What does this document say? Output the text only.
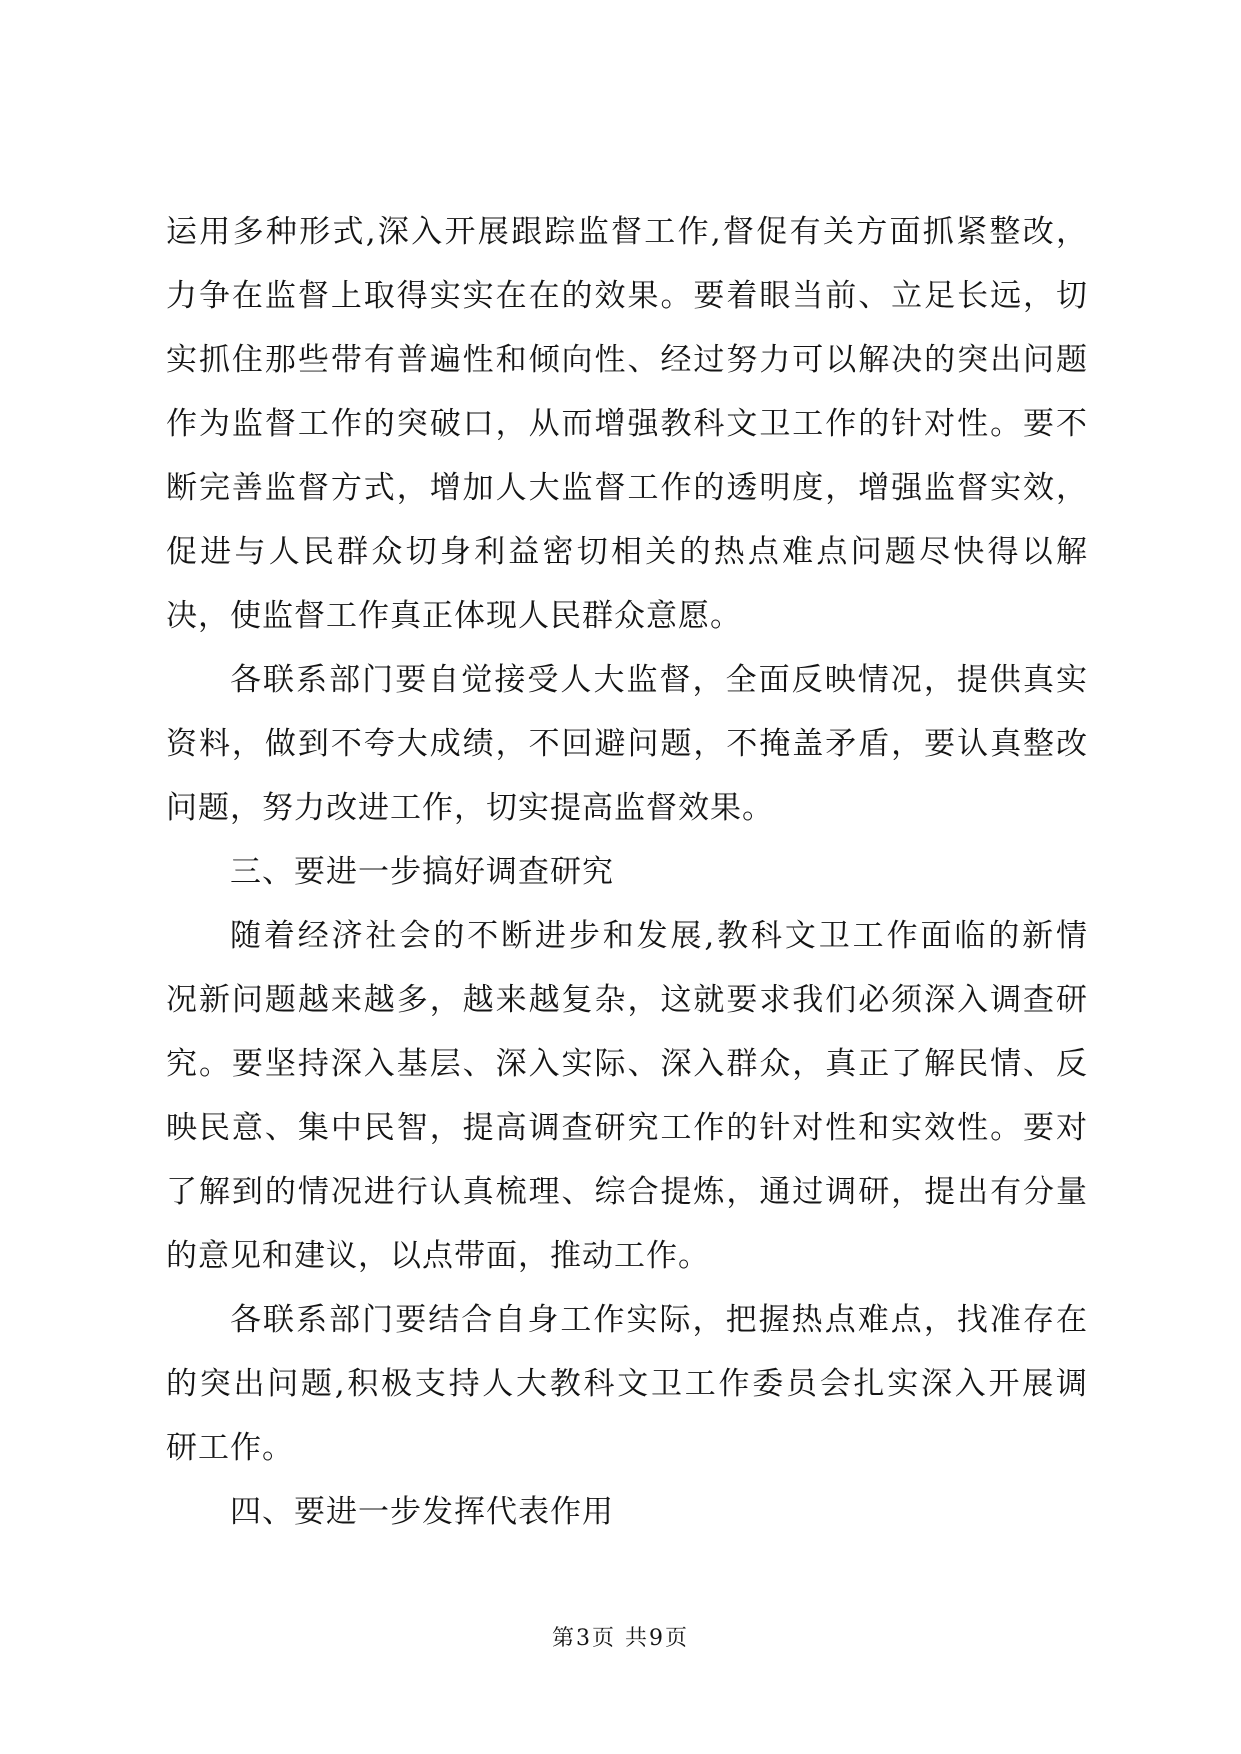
运用多种形式,深入开展跟踪监督工作,督促有关方面抓紧整改，
力争在监督上取得实实在在的效果。要着眼当前、立足长远，切
实抓住那些带有普遍性和倾向性、经过努力可以解决的突出问题
作为监督工作的突破口，从而增强教科文卫工作的针对性。要不
断完善监督方式，增加人大监督工作的透明度，增强监督实效，
促进与人民群众切身利益密切相关的热点难点问题尽快得以解
决，使监督工作真正体现人民群众意愿。
各联系部门要自觉接受人大监督，全面反映情况，提供真实
资料，做到不夸大成绩，不回避问题，不掩盖矛盾，要认真整改
问题，努力改进工作，切实提高监督效果。
三、要进一步搞好调查研究
随着经济社会的不断进步和发展,教科文卫工作面临的新情
况新问题越来越多，越来越复杂，这就要求我们必须深入调查研
究。要坚持深入基层、深入实际、深入群众，真正了解民情、反
映民意、集中民智，提高调查研究工作的针对性和实效性。要对
了解到的情况进行认真梳理、综合提炼，通过调研，提出有分量
的意见和建议，以点带面，推动工作。
各联系部门要结合自身工作实际，把握热点难点，找准存在
的突出问题,积极支持人大教科文卫工作委员会扎实深入开展调
研工作。
四、要进一步发挥代表作用
第3页 共9页
